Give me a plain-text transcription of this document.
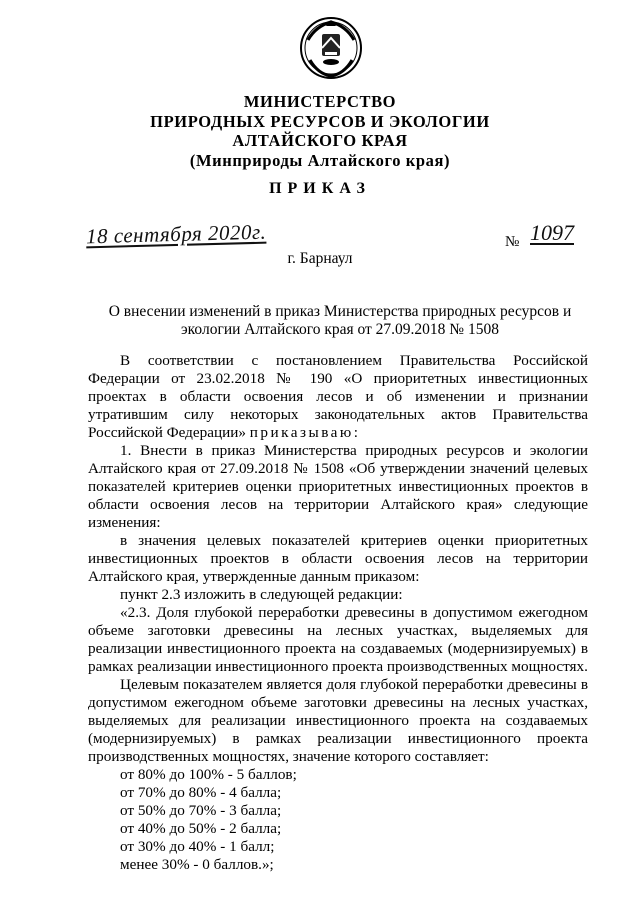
МИНИСТЕРСТВО
ПРИРОДНЫХ РЕСУРСОВ И ЭКОЛОГИИ
АЛТАЙСКОГО КРАЯ
(Минприроды Алтайского края)
ПРИКАЗ
18 сентября 2020г.	№ 1097
г. Барнаул
О внесении изменений в приказ Министерства природных ресурсов и экологии Алтайского края от 27.09.2018 № 1508

В соответствии с постановлением Правительства Российской Федерации от 23.02.2018 № 190 «О приоритетных инвестиционных проектах в области освоения лесов и об изменении и признании утратившим силу некоторых законодательных актов Правительства Российской Федерации» приказываю:

1. Внести в приказ Министерства природных ресурсов и экологии Алтайского края от 27.09.2018 № 1508 «Об утверждении значений целевых показателей критериев оценки приоритетных инвестиционных проектов в области освоения лесов на территории Алтайского края» следующие изменения:

в значения целевых показателей критериев оценки приоритетных инвестиционных проектов в области освоения лесов на территории Алтайского края, утвержденные данным приказом:

пункт 2.3 изложить в следующей редакции:

«2.3. Доля глубокой переработки древесины в допустимом ежегодном объеме заготовки древесины на лесных участках, выделяемых для реализации инвестиционного проекта на создаваемых (модернизируемых) в рамках реализации инвестиционного проекта производственных мощностях.

Целевым показателем является доля глубокой переработки древесины в допустимом ежегодном объеме заготовки древесины на лесных участках, выделяемых для реализации инвестиционного проекта на создаваемых (модернизируемых) в рамках реализации инвестиционного проекта производственных мощностях, значение которого составляет:

от 80% до 100% - 5 баллов;
от 70% до 80% - 4 балла;
от 50% до 70% - 3 балла;
от 40% до 50% - 2 балла;
от 30% до 40% - 1 балл;
менее 30% - 0 баллов.»;
